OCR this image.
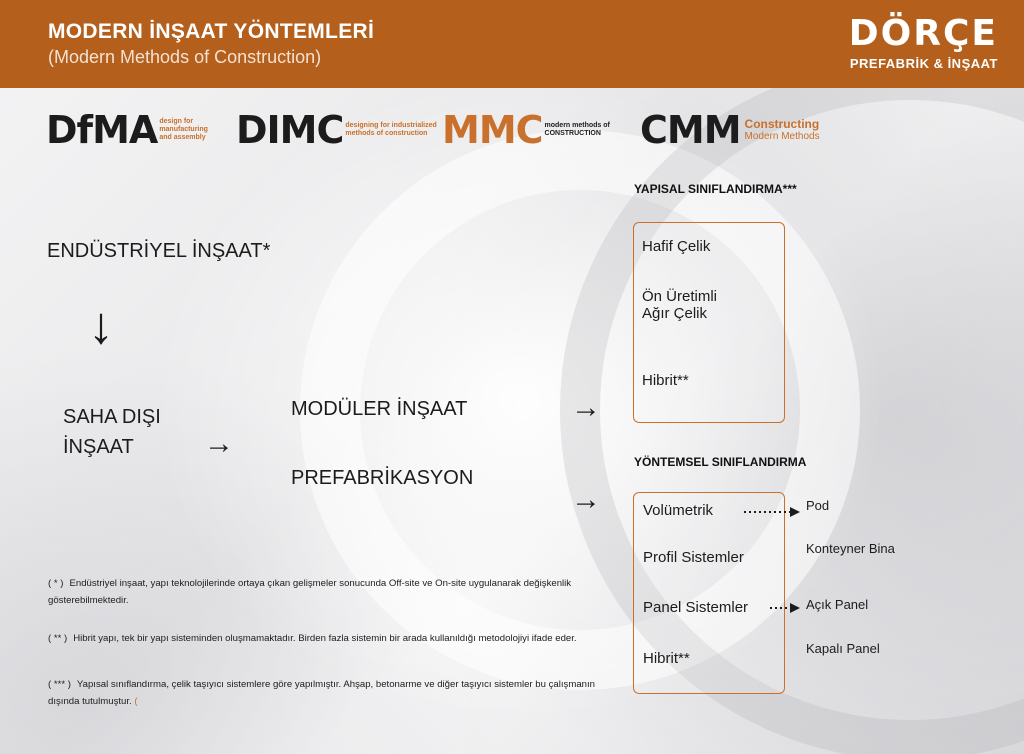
MODERN İNŞAAT YÖNTEMLERİ
(Modern Methods of Construction)
DÖRÇE
PREFABRİK & İNŞAAT
DfMA design for manufacturing and assembly DIMC designing for industrialized methods of construction MMC modern methods of CONSTRUCTION	CMM Constructing
Modern Methods
ENDÜSTRİYEL İNŞAAT*
↓
SAHA DIŞI
İNŞAAT →
MODÜLER İNŞAAT
PREFABRİKASYON
→
→
YAPISAL SINIFLANDIRMA***
Hafif Çelik
Ön Üretimli
Ağır Çelik
Hibrit**
YÖNTEMSEL SINIFLANDIRMA
Volümetrik
Profil Sistemler
Panel Sistemler
Hibrit**
Pod
Konteyner Bina
Açık Panel
Kapalı Panel
( * ) Endüstriyel inşaat, yapı teknolojilerinde ortaya çıkan gelişmeler sonucunda Off-site ve On-site uygulanarak değişkenlik gösterebilmektedir.
( ** ) Hibrit yapı, tek bir yapı sisteminden oluşmamaktadır. Birden fazla sistemin bir arada kullanıldığı metodolojiyi ifade eder.
( *** ) Yapısal sınıflandırma, çelik taşıyıcı sistemlere göre yapılmıştır. Ahşap, betonarme ve diğer taşıyıcı sistemler bu çalışmanın dışında tutulmuştur. (
